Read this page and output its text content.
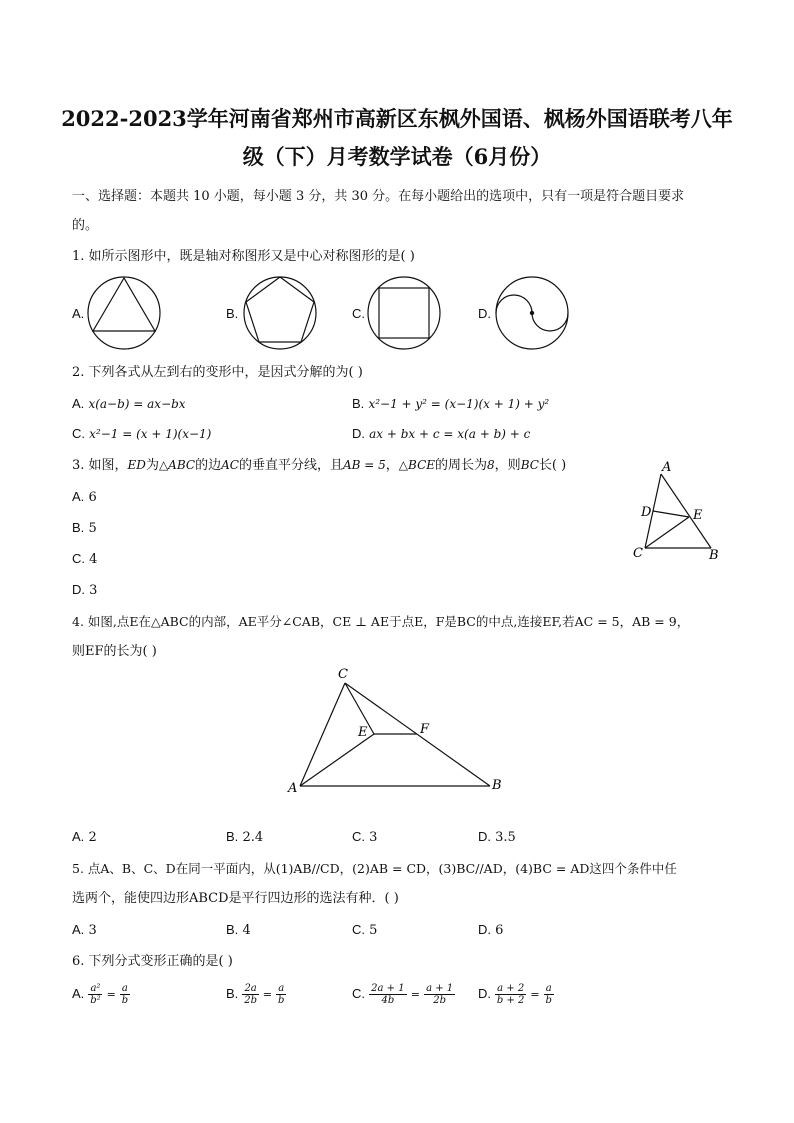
2022-2023学年河南省郑州市高新区东枫外国语、枫杨外国语联考八年
级（下）月考数学试卷（6月份）
一、选择题：本题共 10 小题，每小题 3 分，共 30 分。在每小题给出的选项中，只有一项是符合题目要求
的。
1. 如所示图形中，既是轴对称图形又是中心对称图形的是( )
A.	B.	C.	D.
A
D	E
C	B
C
E	F
A	B
2. 下列各式从左到右的变形中，是因式分解的为( )
A. x(a−b) = ax−bx	B. x²−1 + y² = (x−1)(x + 1) + y²
C. x²−1 = (x + 1)(x−1)	D. ax + bx + c = x(a + b) + c
3. 如图，ED为△ABC的边AC的垂直平分线，且AB = 5，△BCE的周长为8，则BC长( )
A. 6
B. 5
C. 4
D. 3
4. 如图,点E在△ABC的内部，AE平分∠CAB，CE ⊥ AE于点E，F是BC的中点,连接EF,若AC = 5，AB = 9，
则EF的长为( )
A. 2	B. 2.4	C. 3	D. 3.5
5. 点A、B、C、D在同一平面内，从(1)AB//CD，(2)AB = CD，(3)BC//AD，(4)BC = AD这四个条件中任
选两个，能使四边形ABCD是平行四边形的选法有种．( )
A. 3	B. 4	C. 5	D. 6
6. 下列分式变形正确的是( )
A. $\frac{\text{a²}}{\text{b²}} = \frac{a}{b}$	B. $\frac{2a}{2b} = \frac{a}{b}$	C. $\frac{2a + 1}{4b} = \frac{a + 1}{2b} D$. $\frac{a + 2}{b + 2} = \frac{a}{b}$
